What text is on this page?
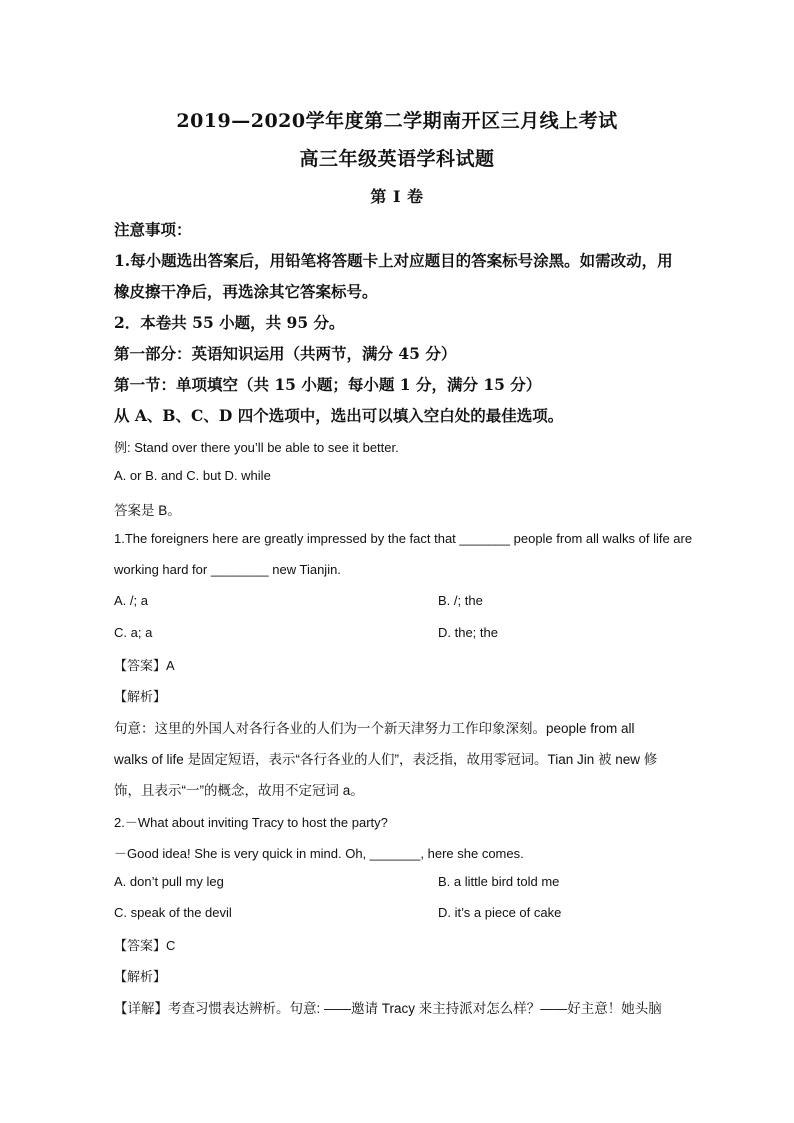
2019—2020学年度第二学期南开区三月线上考试
高三年级英语学科试题
第 I 卷
注意事项：
1.每小题选出答案后，用铅笔将答题卡上对应题目的答案标号涂黑。如需改动，用
橡皮擦干净后，再选涂其它答案标号。
2．本卷共 55 小题，共 95 分。
第一部分：英语知识运用（共两节，满分 45 分）
第一节：单项填空（共 15 小题；每小题 1 分，满分 15 分）
从 A、B、C、D 四个选项中，选出可以填入空白处的最佳选项。
例: Stand over there you’ll be able to see it better.
A. or B. and C. but D. while
答案是 B。
1.The foreigners here are greatly impressed by the fact that _______ people from all walks of life are
working hard for ________ new Tianjin.
A. /; a	B. /; the
C. a; a	D. the; the
【答案】A
【解析】
句意：这里的外国人对各行各业的人们为一个新天津努力工作印象深刻。people from all
walks of life 是固定短语，表示“各行各业的人们”，表泛指，故用零冠词。Tian Jin 被 new 修
饰，且表示“一”的概念，故用不定冠词 a。
2.－What about inviting Tracy to host the party?
－Good idea! She is very quick in mind. Oh, _______, here she comes.
A. don’t pull my leg	B. a little bird told me
C. speak of the devil	D. it’s a piece of cake
【答案】C
【解析】
【详解】考查习惯表达辨析。句意: ——邀请 Tracy 来主持派对怎么样？——好主意！她头脑
